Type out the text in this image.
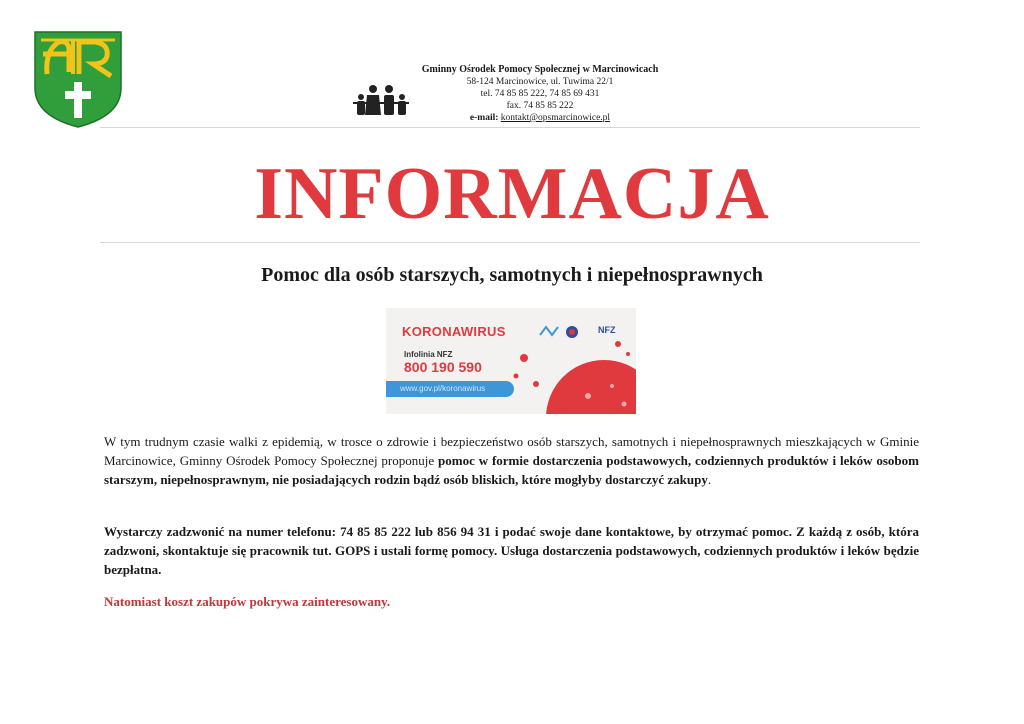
Gminny Ośrodek Pomocy Społecznej w Marcinowicach
58-124 Marcinowice, ul. Tuwima 22/1
tel. 74 85 85 222, 74 85 69 431
fax. 74 85 85 222
e-mail: kontakt@opsmarcinowice.pl
INFORMACJA
Pomoc dla osób starszych, samotnych i niepełnosprawnych
NFZ
KORONAWIRUS
Infolinia NFZ
800 190 590
www.gov.pl/koronawirus
W tym trudnym czasie walki z epidemią, w trosce o zdrowie i bezpieczeństwo osób starszych, samotnych i niepełnosprawnych mieszkających w Gminie Marcinowice, Gminny Ośrodek Pomocy Społecznej proponuje pomoc w formie dostarczenia podstawowych, codziennych produktów i leków osobom starszym, niepełnosprawnym, nie posiadających rodzin bądź osób bliskich, które mogłyby dostarczyć zakupy.
Wystarczy zadzwonić na numer telefonu: 74 85 85 222 lub 856 94 31 i podać swoje dane kontaktowe, by otrzymać pomoc. Z każdą z osób, która zadzwoni, skontaktuje się pracownik tut. GOPS i ustali formę pomocy. Usługa dostarczenia podstawowych, codziennych produktów i leków będzie bezpłatna.
Natomiast koszt zakupów pokrywa zainteresowany.
